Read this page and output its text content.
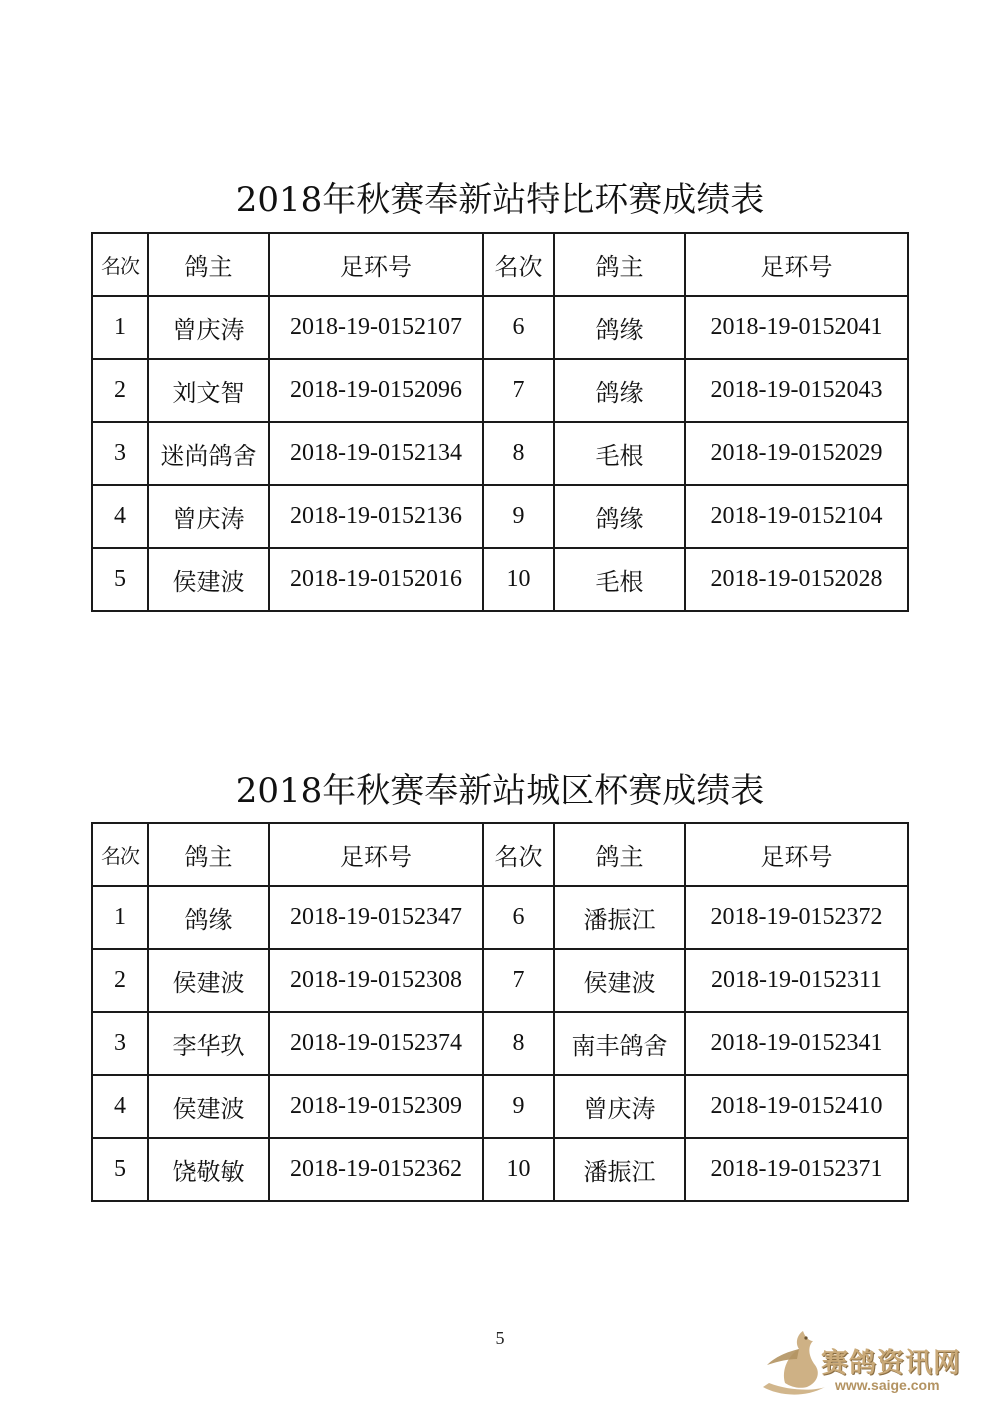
2018年秋赛奉新站特比环赛成绩表
名次	鸽主	足环号	名次	鸽主	足环号
1	曾庆涛	2018-19-0152107	6	鸽缘	2018-19-0152041
2	刘文智	2018-19-0152096	7	鸽缘	2018-19-0152043
3	迷尚鸽舍	2018-19-0152134	8	毛根	2018-19-0152029
4	曾庆涛	2018-19-0152136	9	鸽缘	2018-19-0152104
5	侯建波	2018-19-0152016	10	毛根	2018-19-0152028
2018年秋赛奉新站城区杯赛成绩表
名次	鸽主	足环号	名次	鸽主	足环号
1	鸽缘	2018-19-0152347	6	潘振江	2018-19-0152372
2	侯建波	2018-19-0152308	7	侯建波	2018-19-0152311
3	李华玖	2018-19-0152374	8	南丰鸽舍	2018-19-0152341
4	侯建波	2018-19-0152309	9	曾庆涛	2018-19-0152410
5	饶敬敏	2018-19-0152362	10	潘振江	2018-19-0152371
5
赛鸽资讯网
www.saige.com
